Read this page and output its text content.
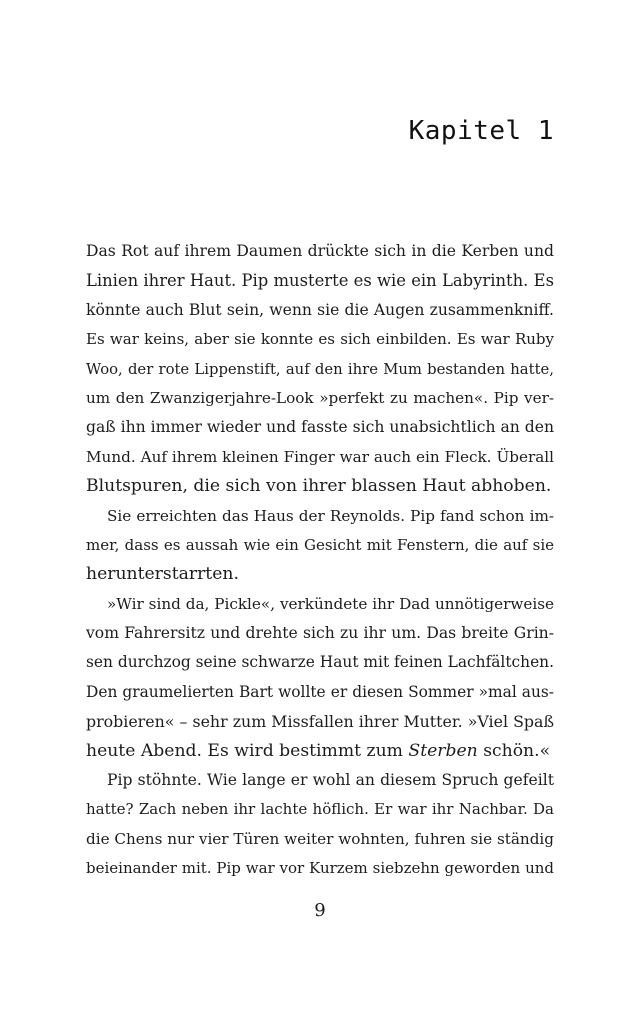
Kapitel 1
Das Rot auf ihrem Daumen drückte sich in die Kerben und
Linien ihrer Haut. Pip musterte es wie ein Labyrinth. Es
könnte auch Blut sein, wenn sie die Augen zusammenkniff.
Es war keins, aber sie konnte es sich einbilden. Es war Ruby
Woo, der rote Lippenstift, auf den ihre Mum bestanden hatte,
um den Zwanzigerjahre-Look »perfekt zu machen«. Pip ver-
gaß ihn immer wieder und fasste sich unabsichtlich an den
Mund. Auf ihrem kleinen Finger war auch ein Fleck. Überall
Blutspuren, die sich von ihrer blassen Haut abhoben.
Sie erreichten das Haus der Reynolds. Pip fand schon im-
mer, dass es aussah wie ein Gesicht mit Fenstern, die auf sie
herunterstarrten.
»Wir sind da, Pickle«, verkündete ihr Dad unnötigerweise
vom Fahrersitz und drehte sich zu ihr um. Das breite Grin-
sen durchzog seine schwarze Haut mit feinen Lachfältchen.
Den graumelierten Bart wollte er diesen Sommer »mal aus-
probieren« – sehr zum Missfallen ihrer Mutter. »Viel Spaß
heute Abend. Es wird bestimmt zum Sterben schön.«
Pip stöhnte. Wie lange er wohl an diesem Spruch gefeilt
hatte? Zach neben ihr lachte höflich. Er war ihr Nachbar. Da
die Chens nur vier Türen weiter wohnten, fuhren sie ständig
beieinander mit. Pip war vor Kurzem siebzehn geworden und
9
